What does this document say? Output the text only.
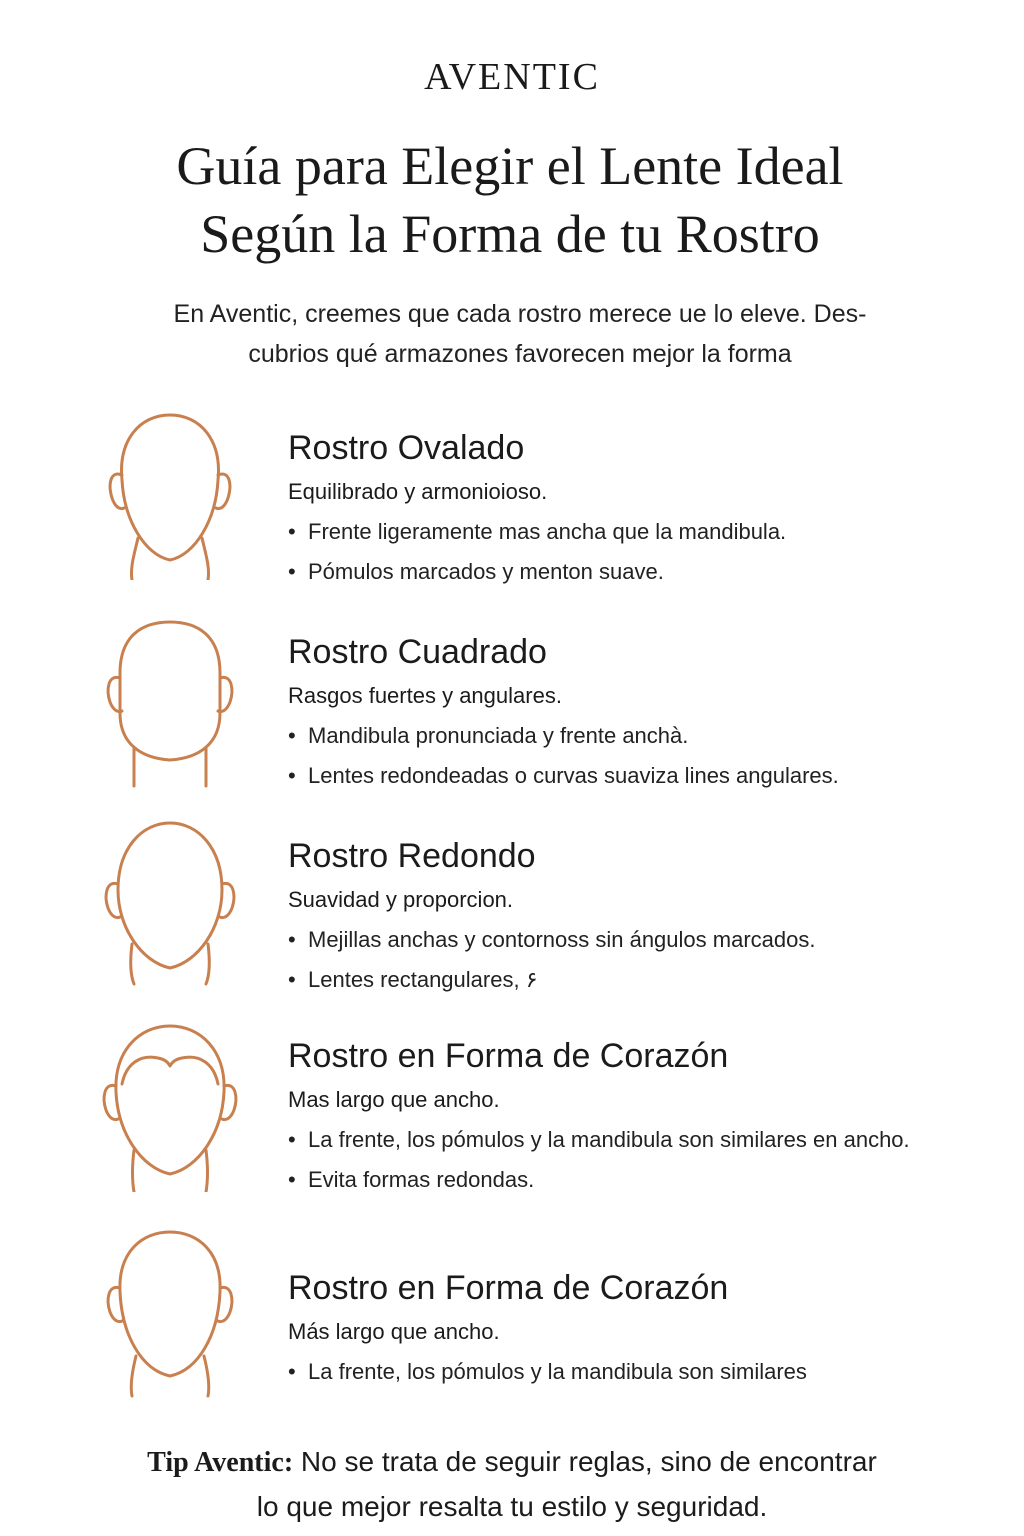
AVENTIC
Guía para Elegir el Lente Ideal
Según la Forma de tu Rostro
En Aventic, creemes que cada rostro merece ue lo eleve. Des-
cubrios qué armazones favorecen mejor la forma
Rostro Ovalado
Equilibrado y armonioioso.
• Frente ligeramente mas ancha que la mandibula.
• Pómulos marcados y menton suave.
Rostro Cuadrado
Rasgos fuertes y angulares.
• Mandibula pronunciada y frente anchà.
• Lentes redondeadas o curvas suaviza lines angulares.
Rostro Redondo
Suavidad y proporcion.
• Mejillas anchas y contornoss sin ángulos marcados.
• Lentes rectangulares, ۶
Rostro en Forma de Corazón
Mas largo que ancho.
• La frente, los pómulos y la mandibula son similares en ancho.
• Evita formas redondas.
Rostro en Forma de Corazón
Más largo que ancho.
• La frente, los pómulos y la mandibula son similares
Tip Aventic: No se trata de seguir reglas, sino de encontrar
lo que mejor resalta tu estilo y seguridad.
